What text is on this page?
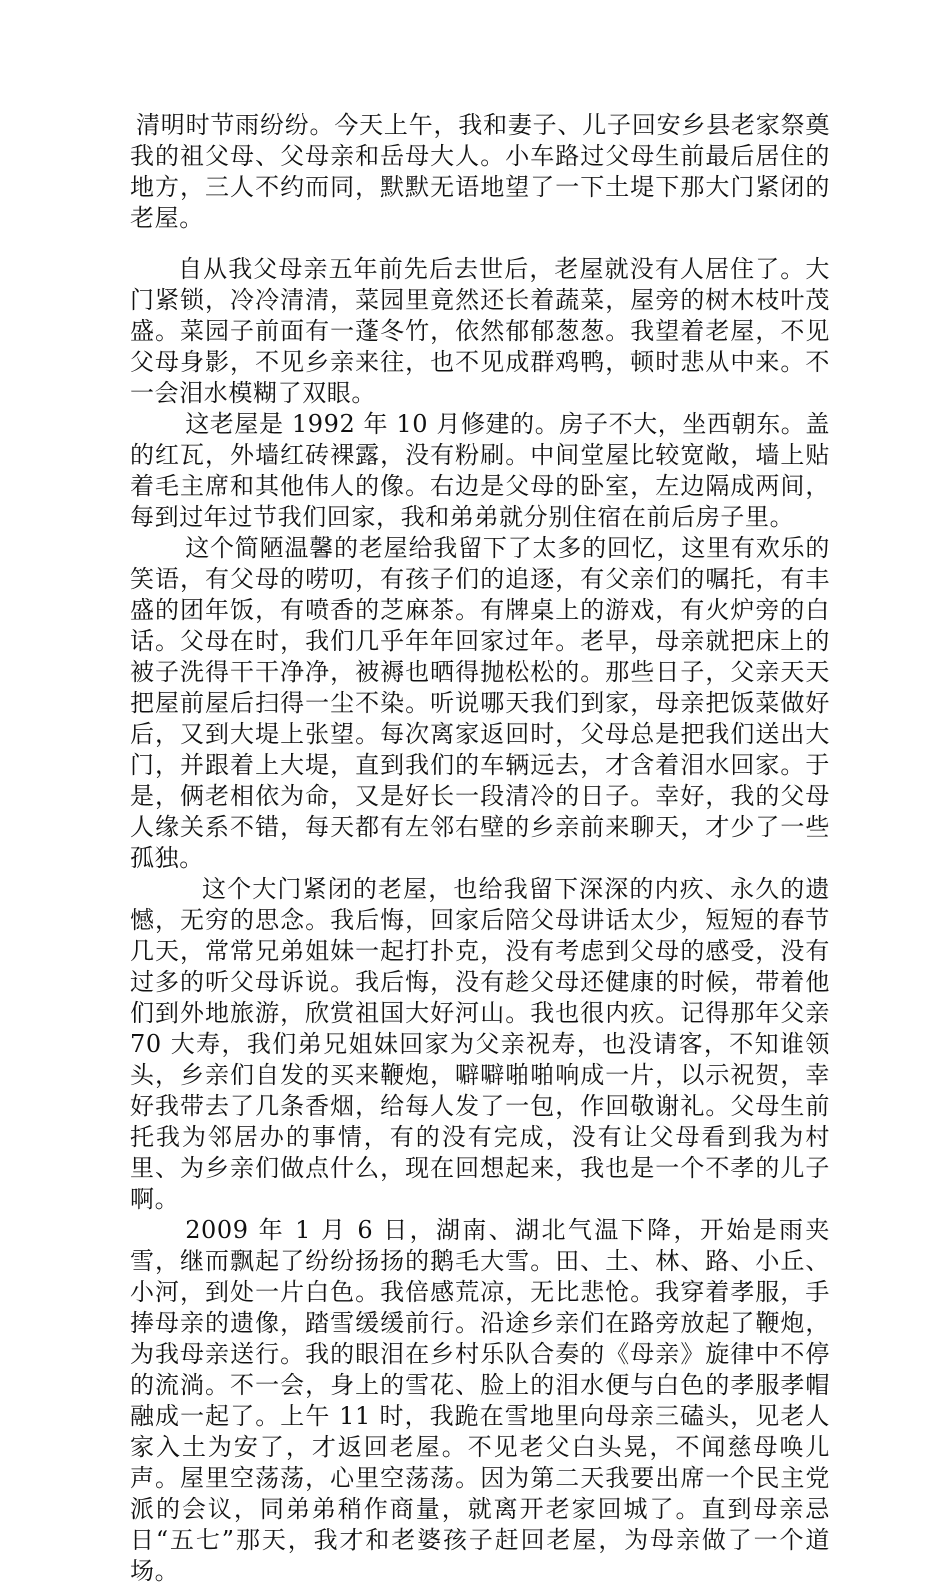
清明时节雨纷纷。今天上午，我和妻子、儿子回安乡县老家祭奠我的祖父母、父母亲和岳母大人。小车路过父母生前最后居住的地方，三人不约而同，默默无语地望了一下土堤下那大门紧闭的老屋。

自从我父母亲五年前先后去世后，老屋就没有人居住了。大门紧锁，冷冷清清，菜园里竟然还长着蔬菜，屋旁的树木枝叶茂盛。菜园子前面有一蓬冬竹，依然郁郁葱葱。我望着老屋，不见父母身影，不见乡亲来往，也不见成群鸡鸭，顿时悲从中来。不一会泪水模糊了双眼。

这老屋是 1992 年 10 月修建的。房子不大，坐西朝东。盖的红瓦，外墙红砖裸露，没有粉刷。中间堂屋比较宽敞，墙上贴着毛主席和其他伟人的像。右边是父母的卧室，左边隔成两间，每到过年过节我们回家，我和弟弟就分别住宿在前后房子里。

这个简陋温馨的老屋给我留下了太多的回忆，这里有欢乐的笑语，有父母的唠叨，有孩子们的追逐，有父亲们的嘱托，有丰盛的团年饭，有喷香的芝麻茶。有牌桌上的游戏，有火炉旁的白话。父母在时，我们几乎年年回家过年。老早，母亲就把床上的被子洗得干干净净，被褥也晒得抛松松的。那些日子，父亲天天把屋前屋后扫得一尘不染。听说哪天我们到家，母亲把饭菜做好后，又到大堤上张望。每次离家返回时，父母总是把我们送出大门，并跟着上大堤，直到我们的车辆远去，才含着泪水回家。于是，俩老相依为命，又是好长一段清冷的日子。幸好，我的父母人缘关系不错，每天都有左邻右壁的乡亲前来聊天，才少了一些孤独。

这个大门紧闭的老屋，也给我留下深深的内疚、永久的遗憾，无穷的思念。我后悔，回家后陪父母讲话太少，短短的春节几天，常常兄弟姐妹一起打扑克，没有考虑到父母的感受，没有过多的听父母诉说。我后悔，没有趁父母还健康的时候，带着他们到外地旅游，欣赏祖国大好河山。我也很内疚。记得那年父亲 70 大寿，我们弟兄姐妹回家为父亲祝寿，也没请客，不知谁领头，乡亲们自发的买来鞭炮，噼噼啪啪响成一片，以示祝贺，幸好我带去了几条香烟，给每人发了一包，作回敬谢礼。父母生前托我为邻居办的事情，有的没有完成，没有让父母看到我为村里、为乡亲们做点什么，现在回想起来，我也是一个不孝的儿子啊。

2009 年 1 月 6 日，湖南、湖北气温下降，开始是雨夹雪，继而飘起了纷纷扬扬的鹅毛大雪。田、土、林、路、小丘、小河，到处一片白色。我倍感荒凉，无比悲怆。我穿着孝服，手捧母亲的遗像，踏雪缓缓前行。沿途乡亲们在路旁放起了鞭炮，为我母亲送行。我的眼泪在乡村乐队合奏的《母亲》旋律中不停的流淌。不一会，身上的雪花、脸上的泪水便与白色的孝服孝帽融成一起了。上午 11 时，我跪在雪地里向母亲三磕头，见老人家入土为安了，才返回老屋。不见老父白头晃，不闻慈母唤儿声。屋里空荡荡，心里空荡荡。因为第二天我要出席一个民主党派的会议，同弟弟稍作商量，就离开老家回城了。直到母亲忌日“五七”那天，我才和老婆孩子赶回老屋，为母亲做了一个道场。
